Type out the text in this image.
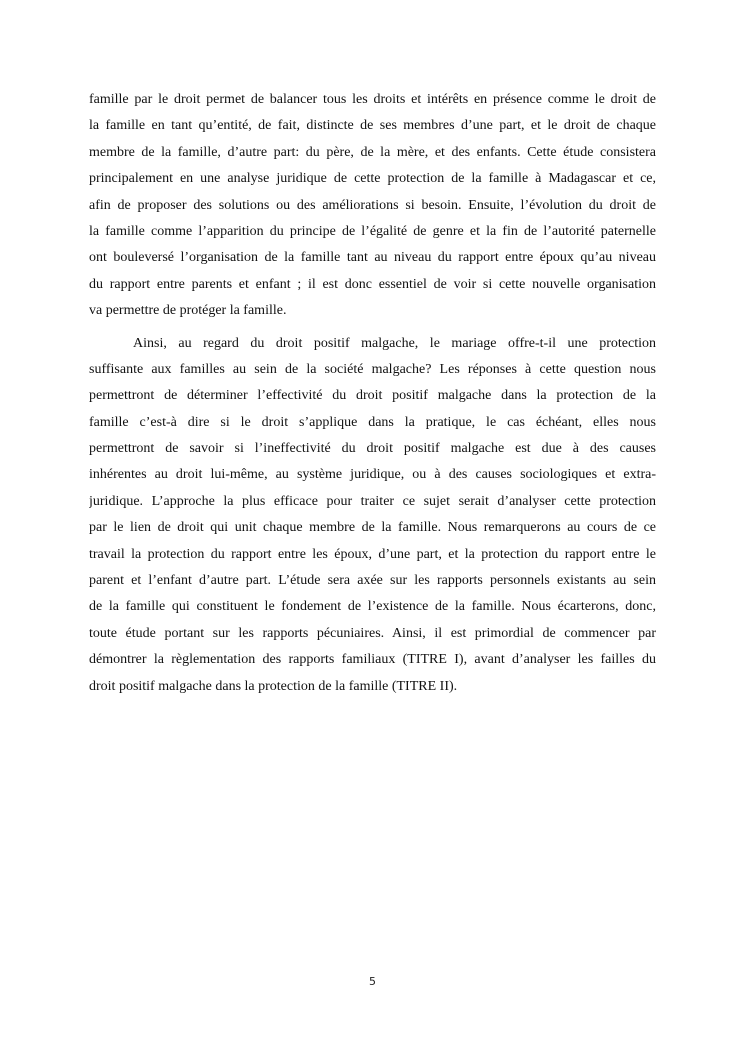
famille par le droit permet de balancer tous les droits et intérêts en présence comme le droit de
la famille en tant qu’entité, de fait, distincte de ses membres d’une part, et le droit de chaque
membre de la famille, d’autre part: du père, de la mère, et des enfants. Cette étude consistera
principalement en une analyse juridique de cette protection de la famille à Madagascar et ce,
afin de proposer des solutions ou des améliorations si besoin. Ensuite, l’évolution du droit de
la famille comme l’apparition du principe de l’égalité de genre et la fin de l’autorité paternelle
ont bouleversé l’organisation de la famille tant au niveau du rapport entre époux qu’au niveau
du rapport entre parents et enfant ; il est donc essentiel de voir si cette nouvelle organisation
va permettre de protéger la famille.
Ainsi, au regard du droit positif malgache, le mariage offre-t-il une protection
suffisante aux familles au sein de la société malgache? Les réponses à cette question nous
permettront de déterminer l’effectivité du droit positif malgache dans la protection de la
famille c’est-à dire si le droit s’applique dans la pratique, le cas échéant, elles nous
permettront de savoir si l’ineffectivité du droit positif malgache est due à des causes
inhérentes au droit lui-même, au système juridique, ou à des causes sociologiques et extra-
juridique. L’approche la plus efficace pour traiter ce sujet serait d’analyser cette protection
par le lien de droit qui unit chaque membre de la famille. Nous remarquerons au cours de ce
travail la protection du rapport entre les époux, d’une part, et la protection du rapport entre le
parent et l’enfant d’autre part. L’étude sera axée sur les rapports personnels existants au sein
de la famille qui constituent le fondement de l’existence de la famille. Nous écarterons, donc,
toute étude portant sur les rapports pécuniaires. Ainsi, il est primordial de commencer par
démontrer la règlementation des rapports familiaux (TITRE I), avant d’analyser les failles du
droit positif malgache dans la protection de la famille (TITRE II).
5
